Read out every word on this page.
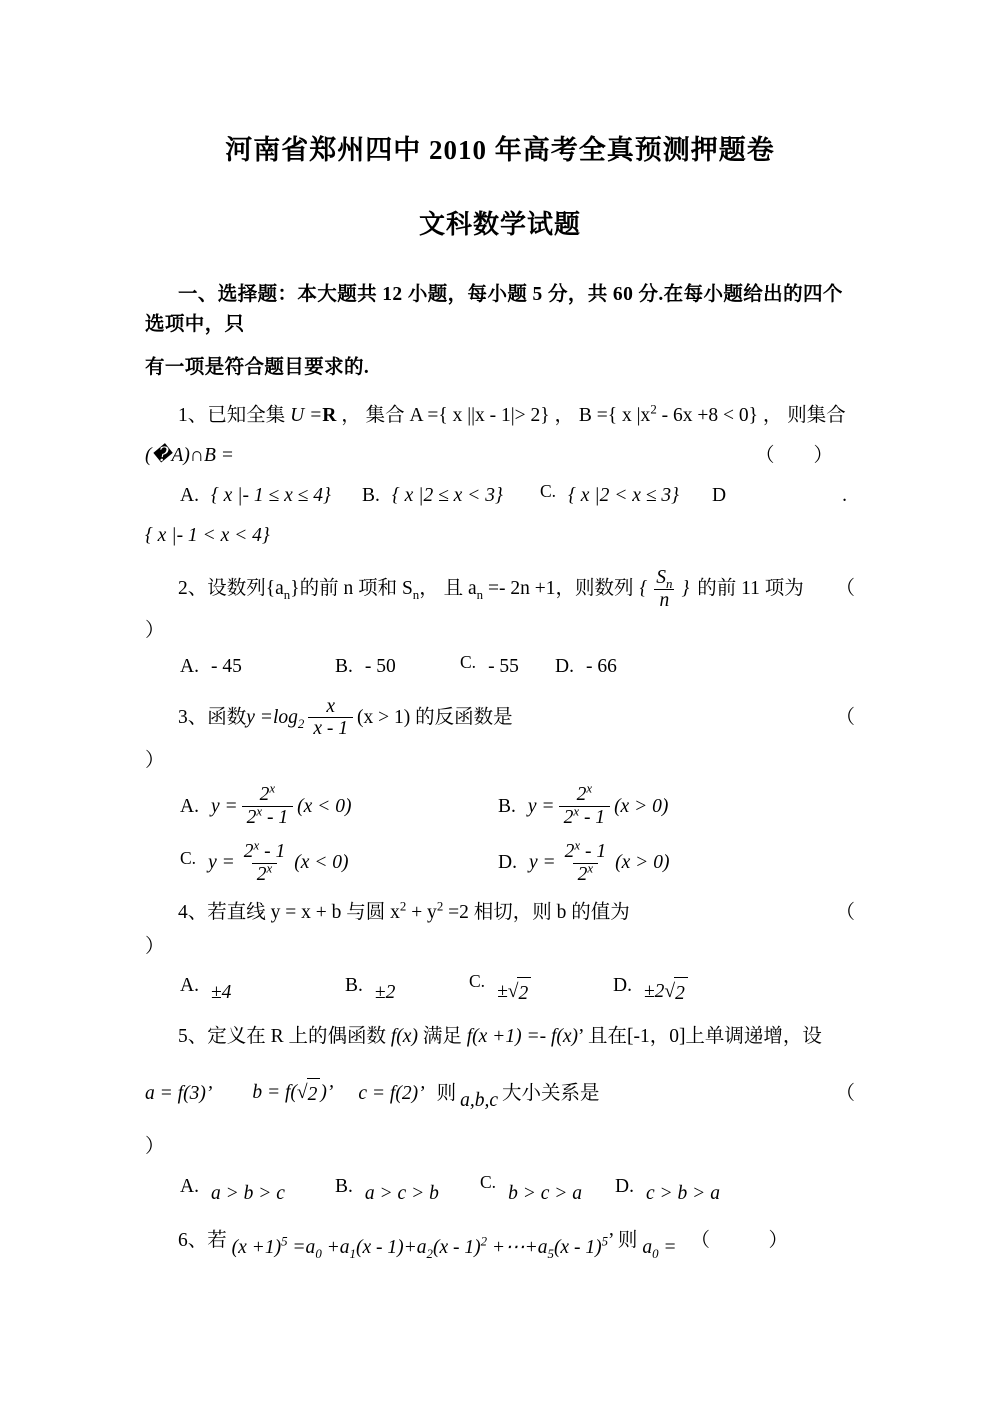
河南省郑州四中 2010 年高考全真预测押题卷

文科数学试题

一、选择题：本大题共 12 小题，每小题 5 分，共 60 分.在每小题给出的四个选项中，只

有一项是符合题目要求的.

1、已知全集 U =R ， 集合 A ={ x ||x - 1|> 2} ， B ={ x $|x^2 - 6x +8 < 0$} ， 则集合

(�A)∩B =	（　　）

A. { x |- 1 ≤ x ≤ 4} B. { x |2 ≤ x < 3} C. { x |2 < x ≤ 3} D	.

{ x |- 1 < x < 4}

2、设数列$\{a_n\}$的前 n 项和 $S_n$， 且 $a_n =- 2n +1$，则数列 { $\frac{S_n}{n}$ } 的前 11 项为 （

）

A. - 45	B. - 50	C. - 55 D. - 66

3、函数 $y =\log_2 \frac{x}{x - 1} (x > 1)$ 的反函数是	（

）

A. $y = \frac{2^x}{2^x - 1} (x < 0)$	B. $y = \frac{2^x}{2^x - 1} (x > 0)$

C. $y = \frac{2^x - 1}{2^x} (x < 0)$	D. $y = \frac{2^x - 1}{2^x} (x > 0)$

4、若直线 y = x + b 与圆 $x^2 + y^2 =2$ 相切，则 b 的值为	（

）

A. ±4	B. ±2
C. ± √ 2	D. ±2 √ 2

5、定义在 R 上的偶函数 f(x) 满足 f(x +1) =- f(x)’ 且在[-1，0]上单调递增，设

a = f(3)’ b = f( √ 2 )’ c = f(2)’ 则 a,b,c 大小关系是	（

）

A. a > b > c	B. a > c > b
C.
b > c > a D. c > b > a

6、若 $(x +1)^5 =a_0 +a_1(x - 1)+a_2(x - 1)^2$ $+\cdots+a_5(x - 1)^5$’ 则 $a_0$ = （　　　）
